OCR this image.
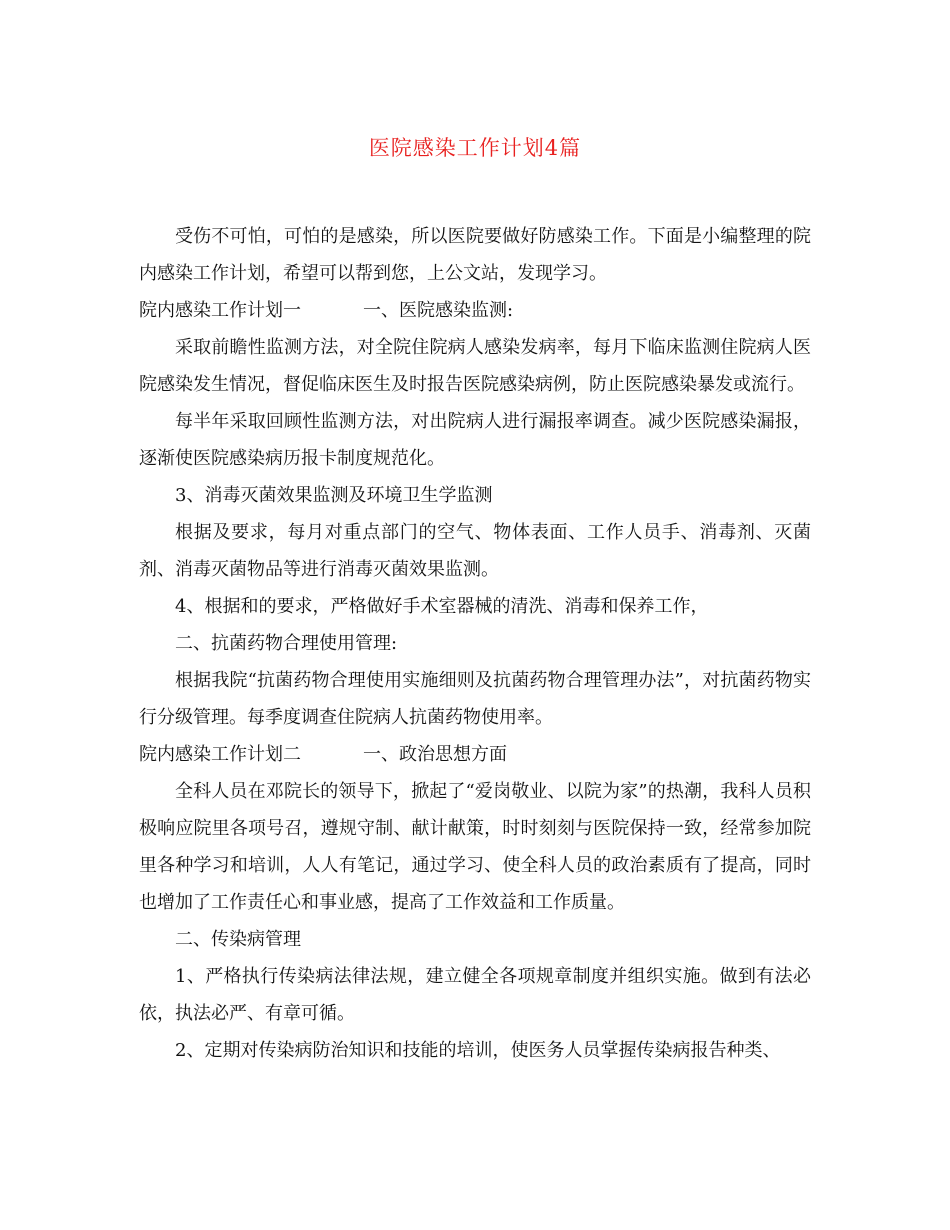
医院感染工作计划4篇

受伤不可怕，可怕的是感染，所以医院要做好防感染工作。下面是小编整理的院内感染工作计划，希望可以帮到您，上公文站，发现学习。

院内感染工作计划一	一、医院感染监测:

采取前瞻性监测方法，对全院住院病人感染发病率，每月下临床监测住院病人医院感染发生情况，督促临床医生及时报告医院感染病例，防止医院感染暴发或流行。

每半年采取回顾性监测方法，对出院病人进行漏报率调查。减少医院感染漏报，逐渐使医院感染病历报卡制度规范化。

3、消毒灭菌效果监测及环境卫生学监测

根据及要求，每月对重点部门的空气、物体表面、工作人员手、消毒剂、灭菌剂、消毒灭菌物品等进行消毒灭菌效果监测。

4、根据和的要求，严格做好手术室器械的清洗、消毒和保养工作，

二、抗菌药物合理使用管理:

根据我院“抗菌药物合理使用实施细则及抗菌药物合理管理办法”，对抗菌药物实行分级管理。每季度调查住院病人抗菌药物使用率。

院内感染工作计划二	一、政治思想方面

全科人员在邓院长的领导下，掀起了“爱岗敬业、以院为家”的热潮，我科人员积极响应院里各项号召，遵规守制、献计献策，时时刻刻与医院保持一致，经常参加院里各种学习和培训，人人有笔记，通过学习、使全科人员的政治素质有了提高，同时也增加了工作责任心和事业感，提高了工作效益和工作质量。

二、传染病管理

1、严格执行传染病法律法规，建立健全各项规章制度并组织实施。做到有法必依，执法必严、有章可循。

2、定期对传染病防治知识和技能的培训，使医务人员掌握传染病报告种类、
